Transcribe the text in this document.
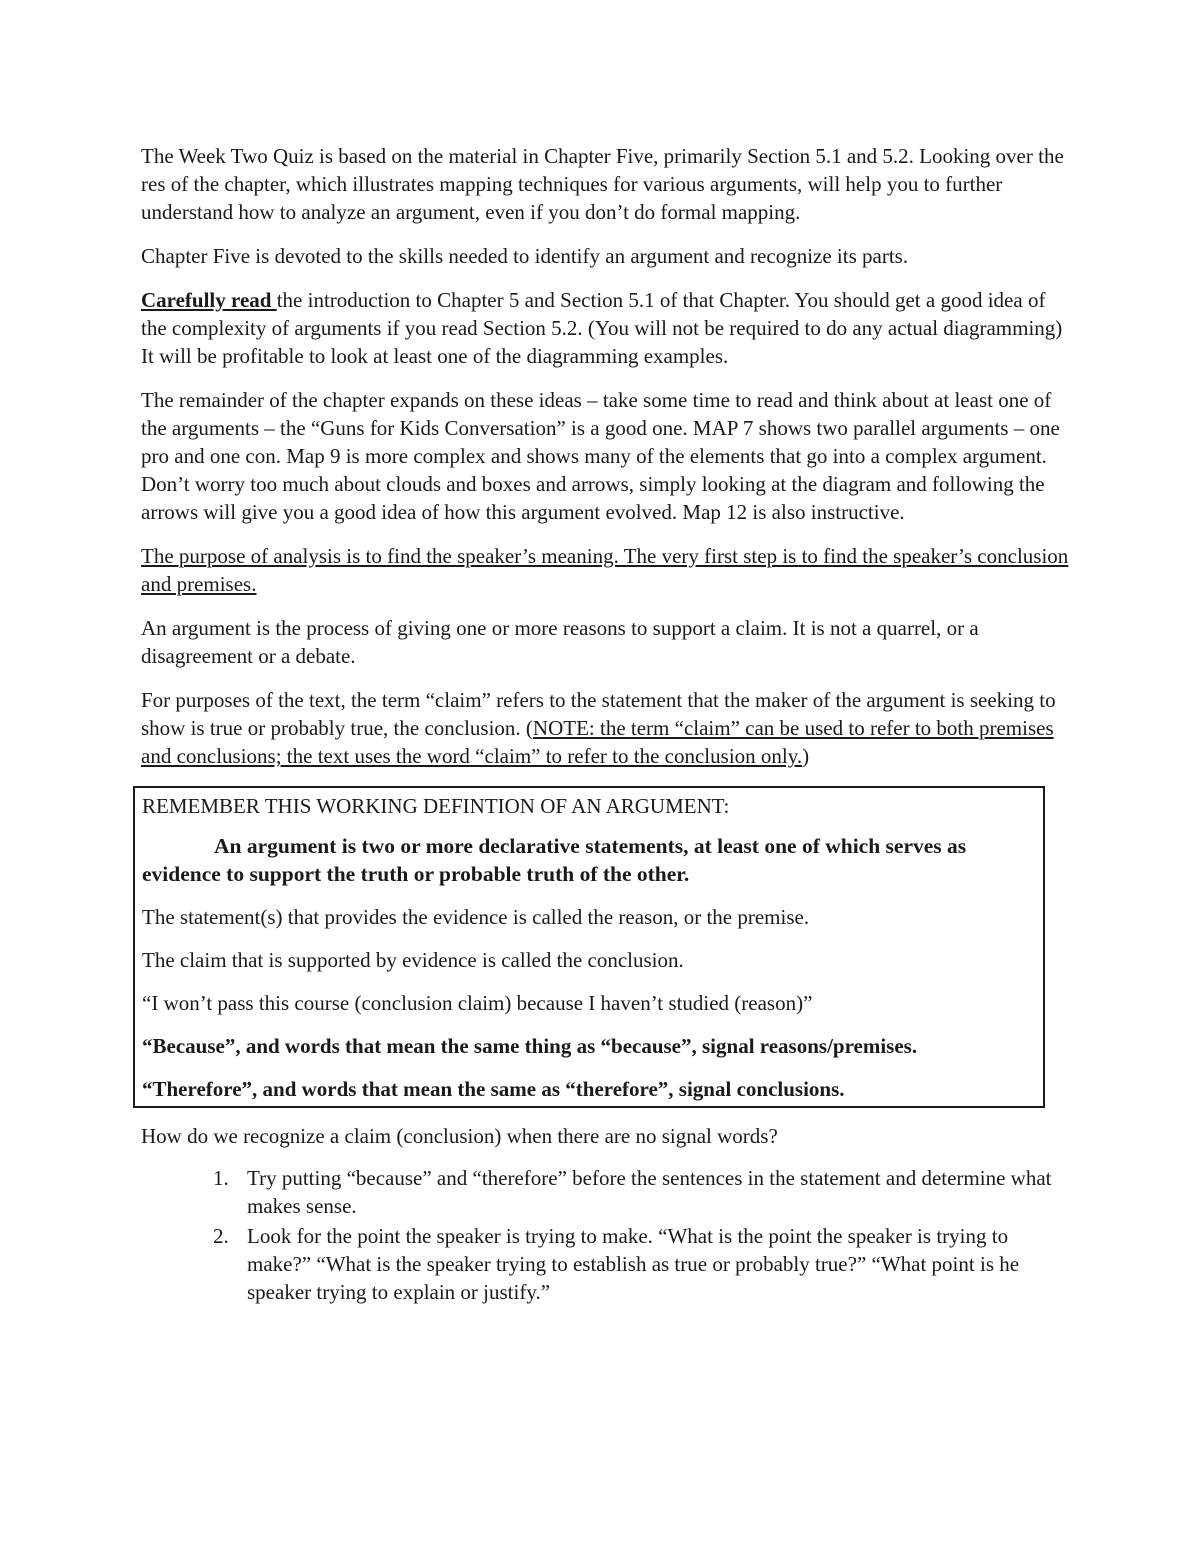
The Week Two Quiz is based on the material in Chapter Five, primarily Section 5.1 and 5.2. Looking over the res of the chapter, which illustrates mapping techniques for various arguments, will help you to further understand how to analyze an argument, even if you don’t do formal mapping.

Chapter Five is devoted to the skills needed to identify an argument and recognize its parts.

Carefully read the introduction to Chapter 5 and Section 5.1 of that Chapter. You should get a good idea of the complexity of arguments if you read Section 5.2. (You will not be required to do any actual diagramming) It will be profitable to look at least one of the diagramming examples.

The remainder of the chapter expands on these ideas – take some time to read and think about at least one of the arguments – the “Guns for Kids Conversation” is a good one. MAP 7 shows two parallel arguments – one pro and one con. Map 9 is more complex and shows many of the elements that go into a complex argument. Don’t worry too much about clouds and boxes and arrows, simply looking at the diagram and following the arrows will give you a good idea of how this argument evolved. Map 12 is also instructive.

The purpose of analysis is to find the speaker’s meaning. The very first step is to find the speaker’s conclusion and premises.

An argument is the process of giving one or more reasons to support a claim. It is not a quarrel, or a disagreement or a debate.

For purposes of the text, the term “claim” refers to the statement that the maker of the argument is seeking to show is true or probably true, the conclusion. (NOTE: the term “claim” can be used to refer to both premises and conclusions; the text uses the word “claim” to refer to the conclusion only.)

REMEMBER THIS WORKING DEFINTION OF AN ARGUMENT:

An argument is two or more declarative statements, at least one of which serves as evidence to support the truth or probable truth of the other.

The statement(s) that provides the evidence is called the reason, or the premise.

The claim that is supported by evidence is called the conclusion.

“I won’t pass this course (conclusion claim) because I haven’t studied (reason)”

“Because”, and words that mean the same thing as “because”, signal reasons/premises.

“Therefore”, and words that mean the same as “therefore”, signal conclusions.

How do we recognize a claim (conclusion) when there are no signal words?

1. Try putting “because” and “therefore” before the sentences in the statement and determine what makes sense.
2. Look for the point the speaker is trying to make. “What is the point the speaker is trying to make?” “What is the speaker trying to establish as true or probably true?” “What point is he speaker trying to explain or justify.”
